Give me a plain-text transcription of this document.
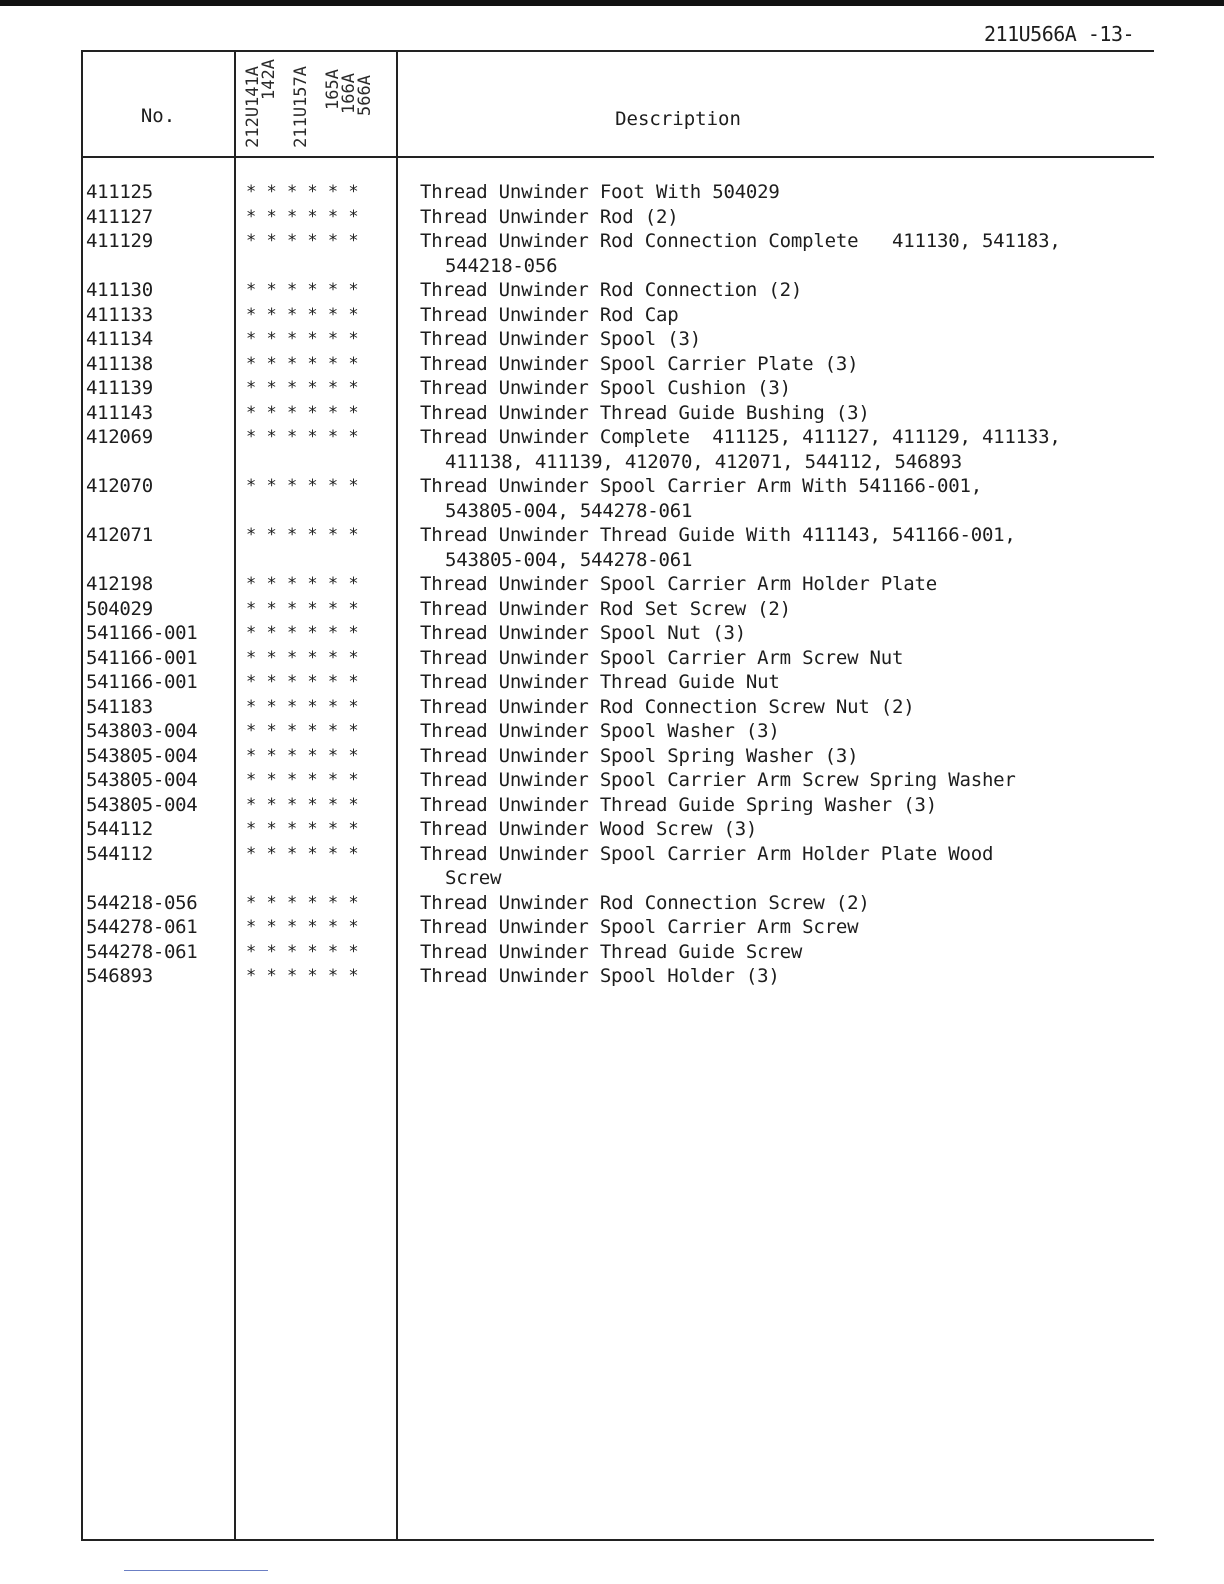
211U566A -13-
No.	212U141A
142A 211U157A 165A
166A
566A
Description
411125	* * * * * *	Thread Unwinder Foot With 504029
411127	* * * * * *	Thread Unwinder Rod (2)
411129	* * * * * *	Thread Unwinder Rod Connection Complete   411130, 541183,
544218-056
411130	* * * * * *	Thread Unwinder Rod Connection (2)
411133	* * * * * *	Thread Unwinder Rod Cap
411134	* * * * * *	Thread Unwinder Spool (3)
411138	* * * * * *	Thread Unwinder Spool Carrier Plate (3)
411139	* * * * * *	Thread Unwinder Spool Cushion (3)
411143	* * * * * *	Thread Unwinder Thread Guide Bushing (3)
412069	* * * * * *	Thread Unwinder Complete  411125, 411127, 411129, 411133,
411138, 411139, 412070, 412071, 544112, 546893
412070	* * * * * *	Thread Unwinder Spool Carrier Arm With 541166-001,
543805-004, 544278-061
412071	* * * * * *	Thread Unwinder Thread Guide With 411143, 541166-001,
543805-004, 544278-061
412198	* * * * * *	Thread Unwinder Spool Carrier Arm Holder Plate
504029	* * * * * *	Thread Unwinder Rod Set Screw (2)
541166-001	* * * * * *	Thread Unwinder Spool Nut (3)
541166-001	* * * * * *	Thread Unwinder Spool Carrier Arm Screw Nut
541166-001	* * * * * *	Thread Unwinder Thread Guide Nut
541183	* * * * * *	Thread Unwinder Rod Connection Screw Nut (2)
543803-004	* * * * * *	Thread Unwinder Spool Washer (3)
543805-004	* * * * * *	Thread Unwinder Spool Spring Washer (3)
543805-004	* * * * * *	Thread Unwinder Spool Carrier Arm Screw Spring Washer
543805-004	* * * * * *	Thread Unwinder Thread Guide Spring Washer (3)
544112	* * * * * *	Thread Unwinder Wood Screw (3)
544112	* * * * * *	Thread Unwinder Spool Carrier Arm Holder Plate Wood
Screw
544218-056	* * * * * *	Thread Unwinder Rod Connection Screw (2)
544278-061	* * * * * *	Thread Unwinder Spool Carrier Arm Screw
544278-061	* * * * * *	Thread Unwinder Thread Guide Screw
546893	* * * * * *	Thread Unwinder Spool Holder (3)
